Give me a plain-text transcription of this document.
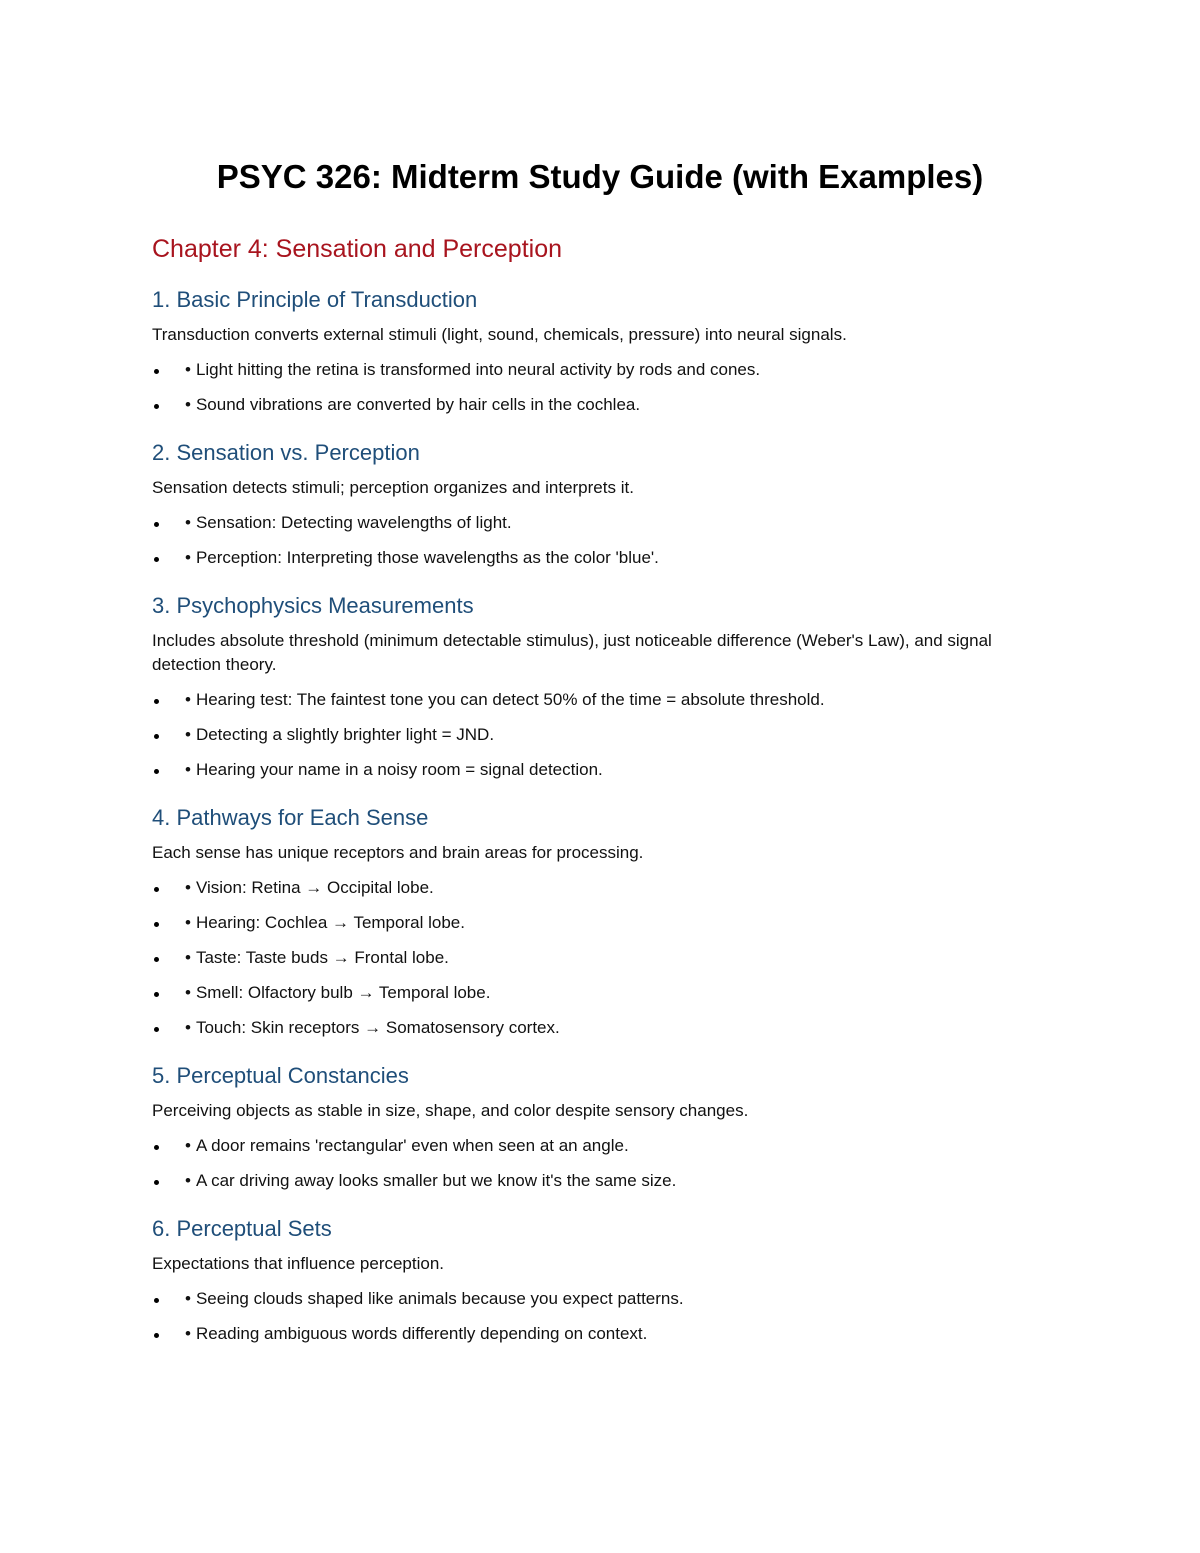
PSYC 326: Midterm Study Guide (with Examples)
Chapter 4: Sensation and Perception
1. Basic Principle of Transduction

Transduction converts external stimuli (light, sound, chemicals, pressure) into neural signals.

• Light hitting the retina is transformed into neural activity by rods and cones.
• Sound vibrations are converted by hair cells in the cochlea.
2. Sensation vs. Perception

Sensation detects stimuli; perception organizes and interprets it.

• Sensation: Detecting wavelengths of light.
• Perception: Interpreting those wavelengths as the color 'blue'.
3. Psychophysics Measurements

Includes absolute threshold (minimum detectable stimulus), just noticeable difference (Weber's Law), and signal detection theory.

• Hearing test: The faintest tone you can detect 50% of the time = absolute threshold.
• Detecting a slightly brighter light = JND.
• Hearing your name in a noisy room = signal detection.
4. Pathways for Each Sense

Each sense has unique receptors and brain areas for processing.

• Vision: Retina → Occipital lobe.
• Hearing: Cochlea → Temporal lobe.
• Taste: Taste buds → Frontal lobe.
• Smell: Olfactory bulb → Temporal lobe.
• Touch: Skin receptors → Somatosensory cortex.
5. Perceptual Constancies

Perceiving objects as stable in size, shape, and color despite sensory changes.

• A door remains 'rectangular' even when seen at an angle.
• A car driving away looks smaller but we know it's the same size.
6. Perceptual Sets

Expectations that influence perception.

• Seeing clouds shaped like animals because you expect patterns.
• Reading ambiguous words differently depending on context.
